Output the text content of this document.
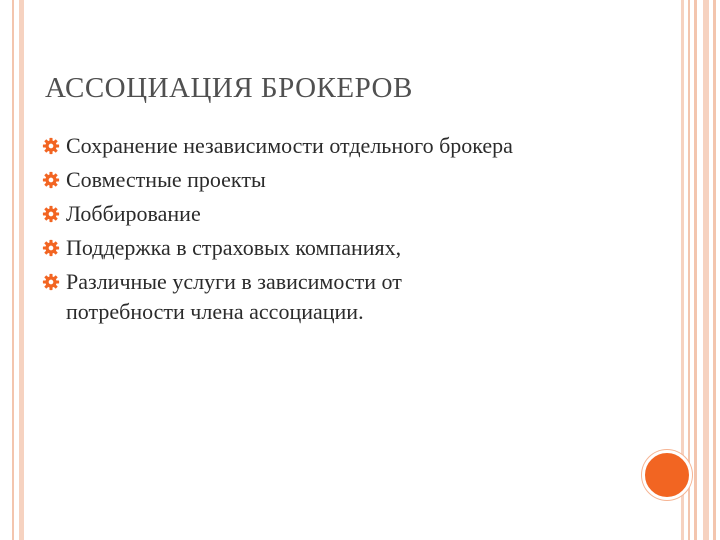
АССОЦИАЦИЯ БРОКЕРОВ
Сохранение независимости отдельного брокера
Совместные проекты
Лоббирование
Поддержка в страховых компаниях,
Различные услуги в зависимости от потребности члена ассоциации.
